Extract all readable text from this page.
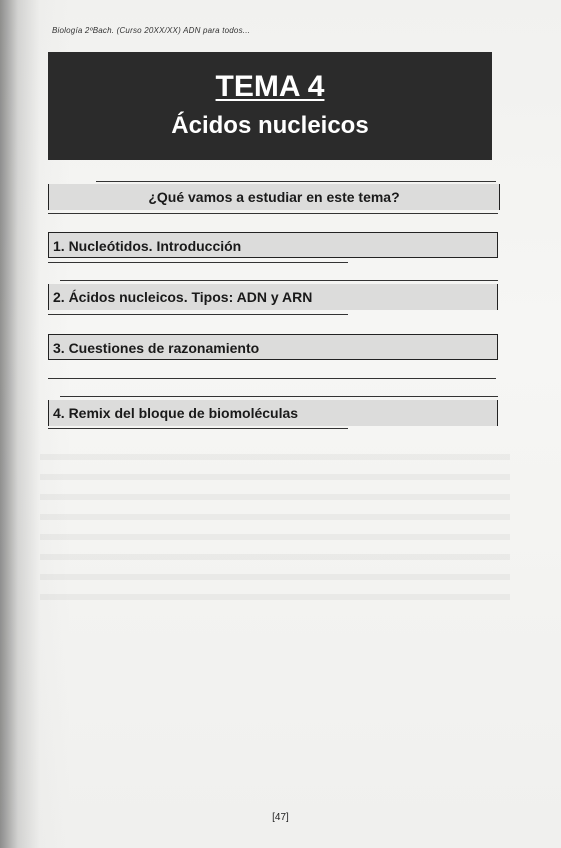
Biología 2ºBach. (Curso 20XX/XX) ADN para todos...
TEMA 4
Ácidos nucleicos
¿Qué vamos a estudiar en este tema?
1. Nucleótidos. Introducción
2. Ácidos nucleicos. Tipos: ADN y ARN
3. Cuestiones de razonamiento
4. Remix del bloque de biomoléculas
[47]
